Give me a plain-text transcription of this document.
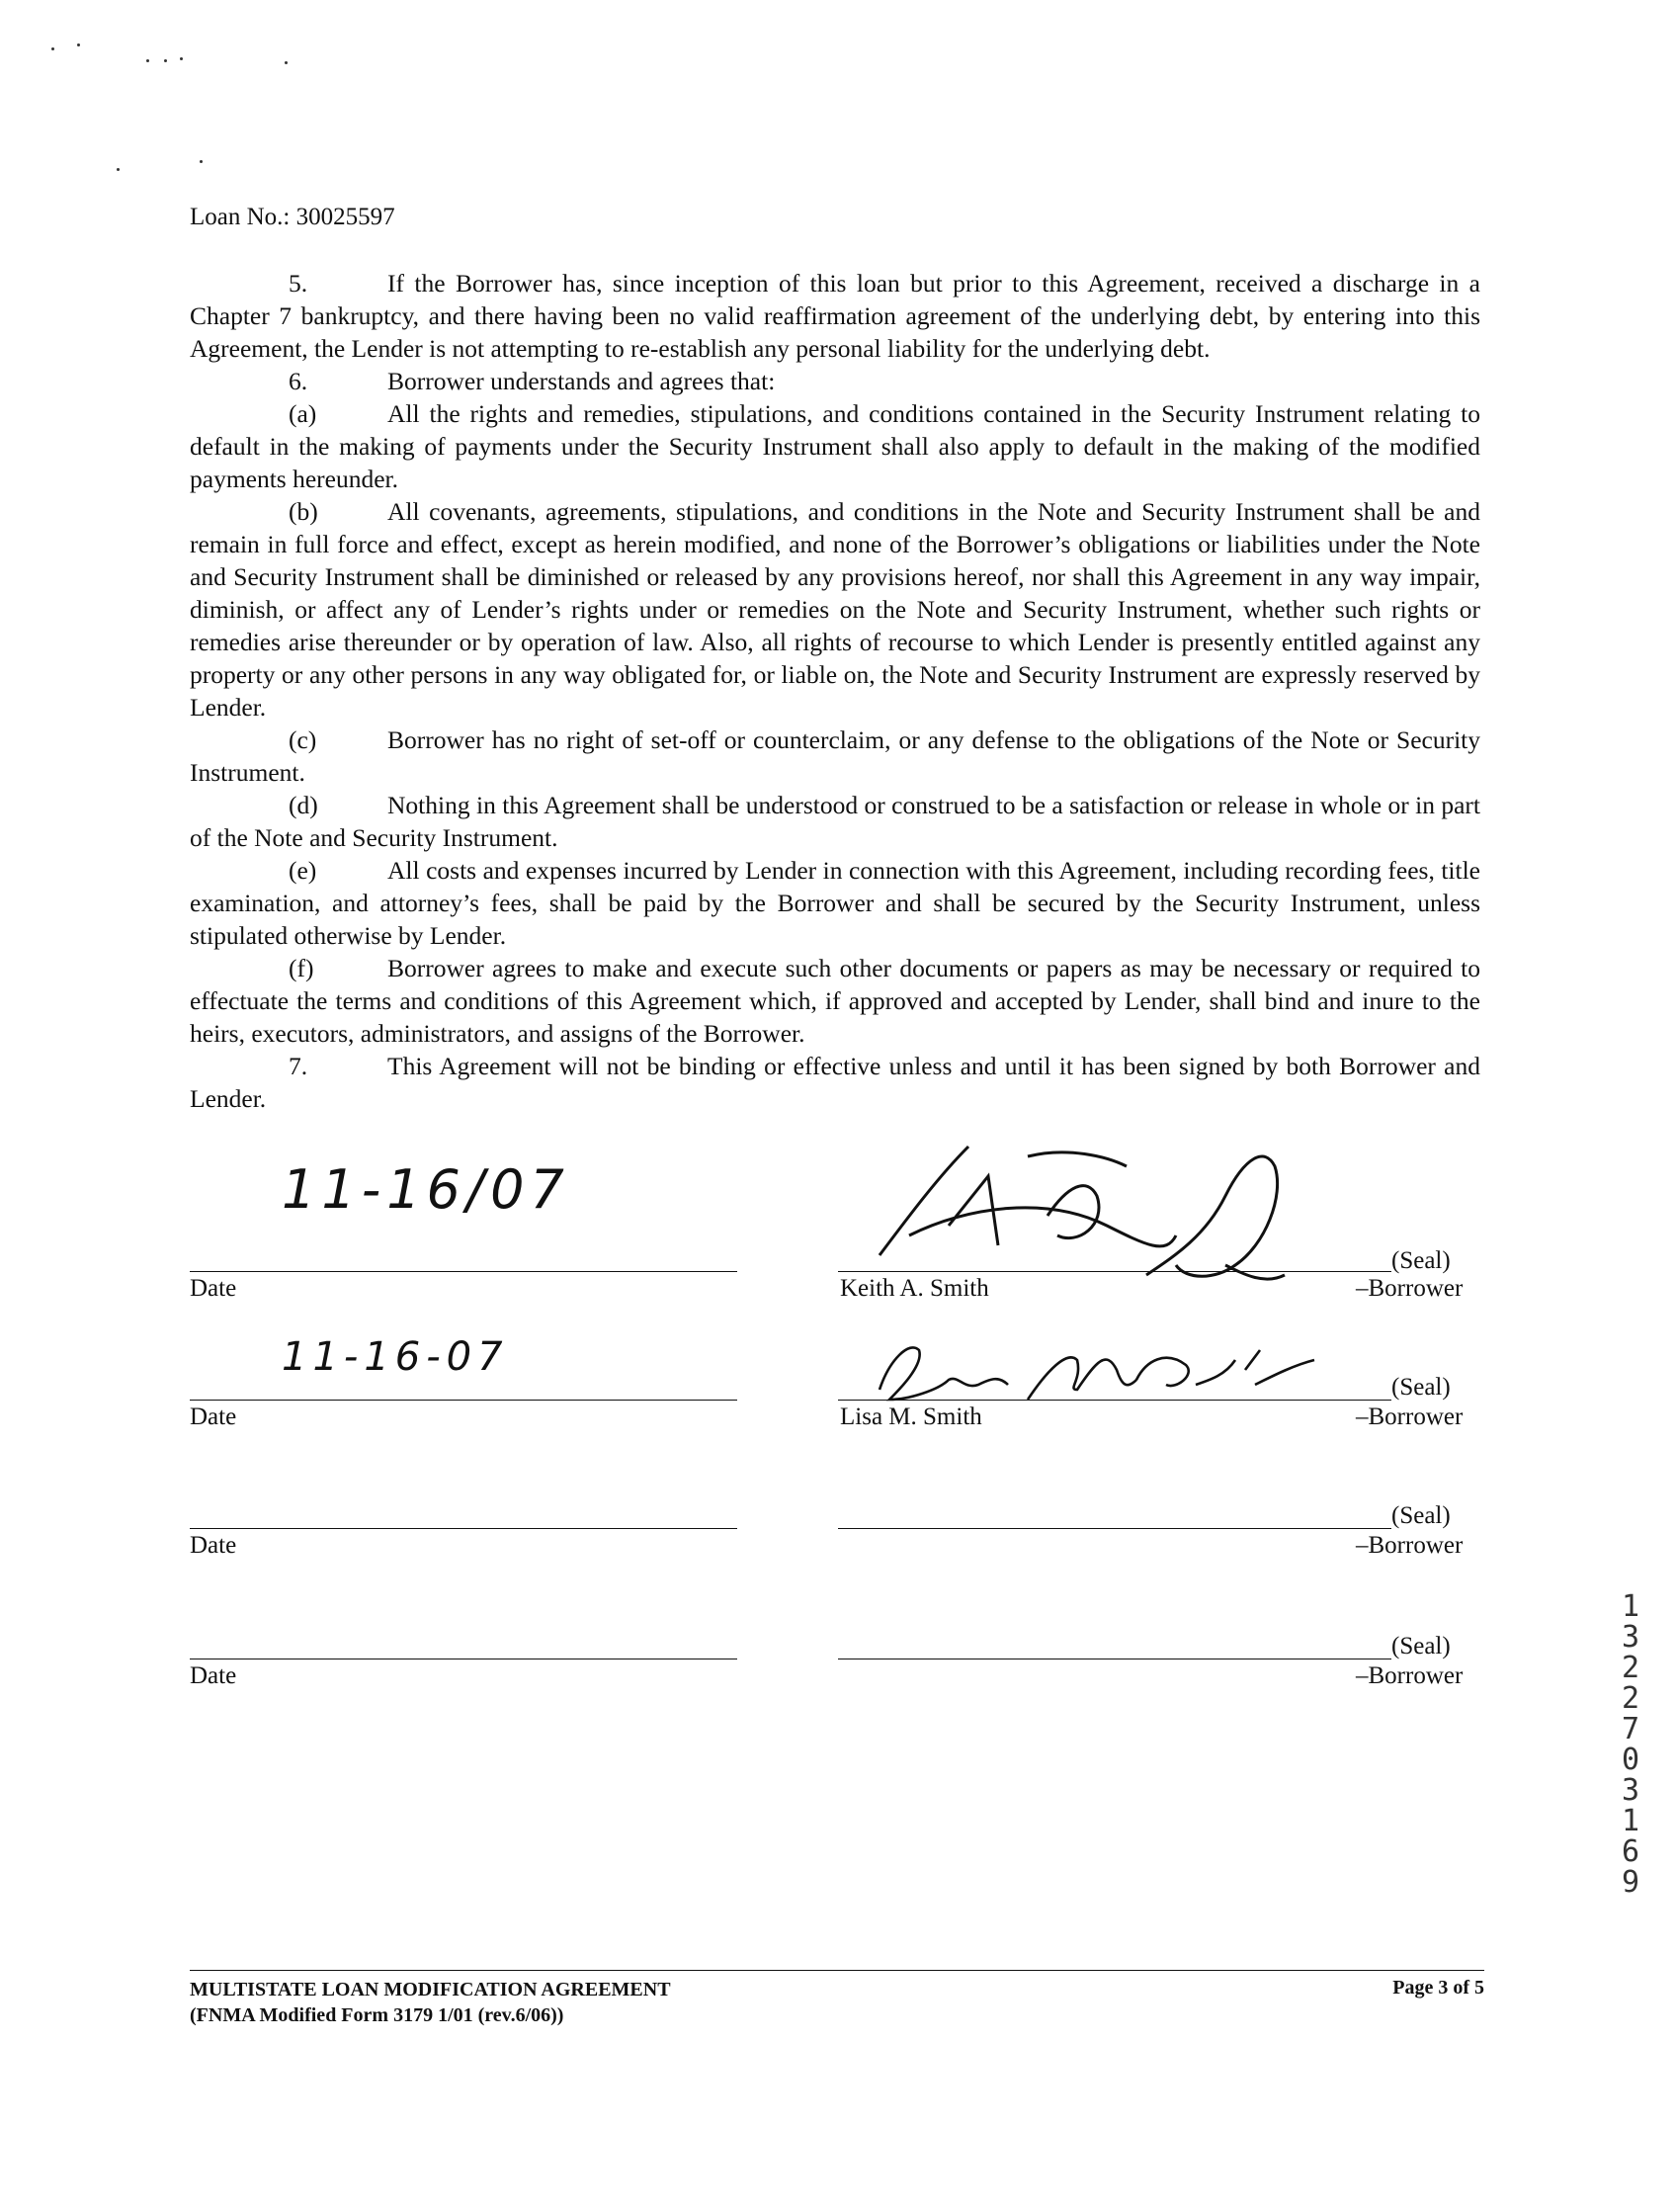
Loan No.: 30025597

5.	If the Borrower has, since inception of this loan but prior to this Agreement, received a discharge in a Chapter 7 bankruptcy, and there having been no valid reaffirmation agreement of the underlying debt, by entering into this Agreement, the Lender is not attempting to re-establish any personal liability for the underlying debt.

6.	Borrower understands and agrees that:

(a)	All the rights and remedies, stipulations, and conditions contained in the Security Instrument relating to default in the making of payments under the Security Instrument shall also apply to default in the making of the modified payments hereunder.

(b)	All covenants, agreements, stipulations, and conditions in the Note and Security Instrument shall be and remain in full force and effect, except as herein modified, and none of the Borrower’s obligations or liabilities under the Note and Security Instrument shall be diminished or released by any provisions hereof, nor shall this Agreement in any way impair, diminish, or affect any of Lender’s rights under or remedies on the Note and Security Instrument, whether such rights or remedies arise thereunder or by operation of law. Also, all rights of recourse to which Lender is presently entitled against any property or any other persons in any way obligated for, or liable on, the Note and Security Instrument are expressly reserved by Lender.

(c)	Borrower has no right of set-off or counterclaim, or any defense to the obligations of the Note or Security Instrument.

(d)	Nothing in this Agreement shall be understood or construed to be a satisfaction or release in whole or in part of the Note and Security Instrument.

(e)	All costs and expenses incurred by Lender in connection with this Agreement, including recording fees, title examination, and attorney’s fees, shall be paid by the Borrower and shall be secured by the Security Instrument, unless stipulated otherwise by Lender.

(f)	Borrower agrees to make and execute such other documents or papers as may be necessary or required to effectuate the terms and conditions of this Agreement which, if approved and accepted by Lender, shall bind and inure to the heirs, executors, administrators, and assigns of the Borrower.

7.	This Agreement will not be binding or effective unless and until it has been signed by both Borrower and Lender.

11-16/07
Date
(Seal)
Keith A. Smith	–Borrower
11-16-07
Date
(Seal)
Lisa M. Smith	–Borrower
Date
(Seal)
–Borrower
Date
(Seal)
–Borrower
13227 03169
MULTISTATE LOAN MODIFICATION AGREEMENT
(FNMA Modified Form 3179 1/01 (rev.6/06))
Page 3 of 5
